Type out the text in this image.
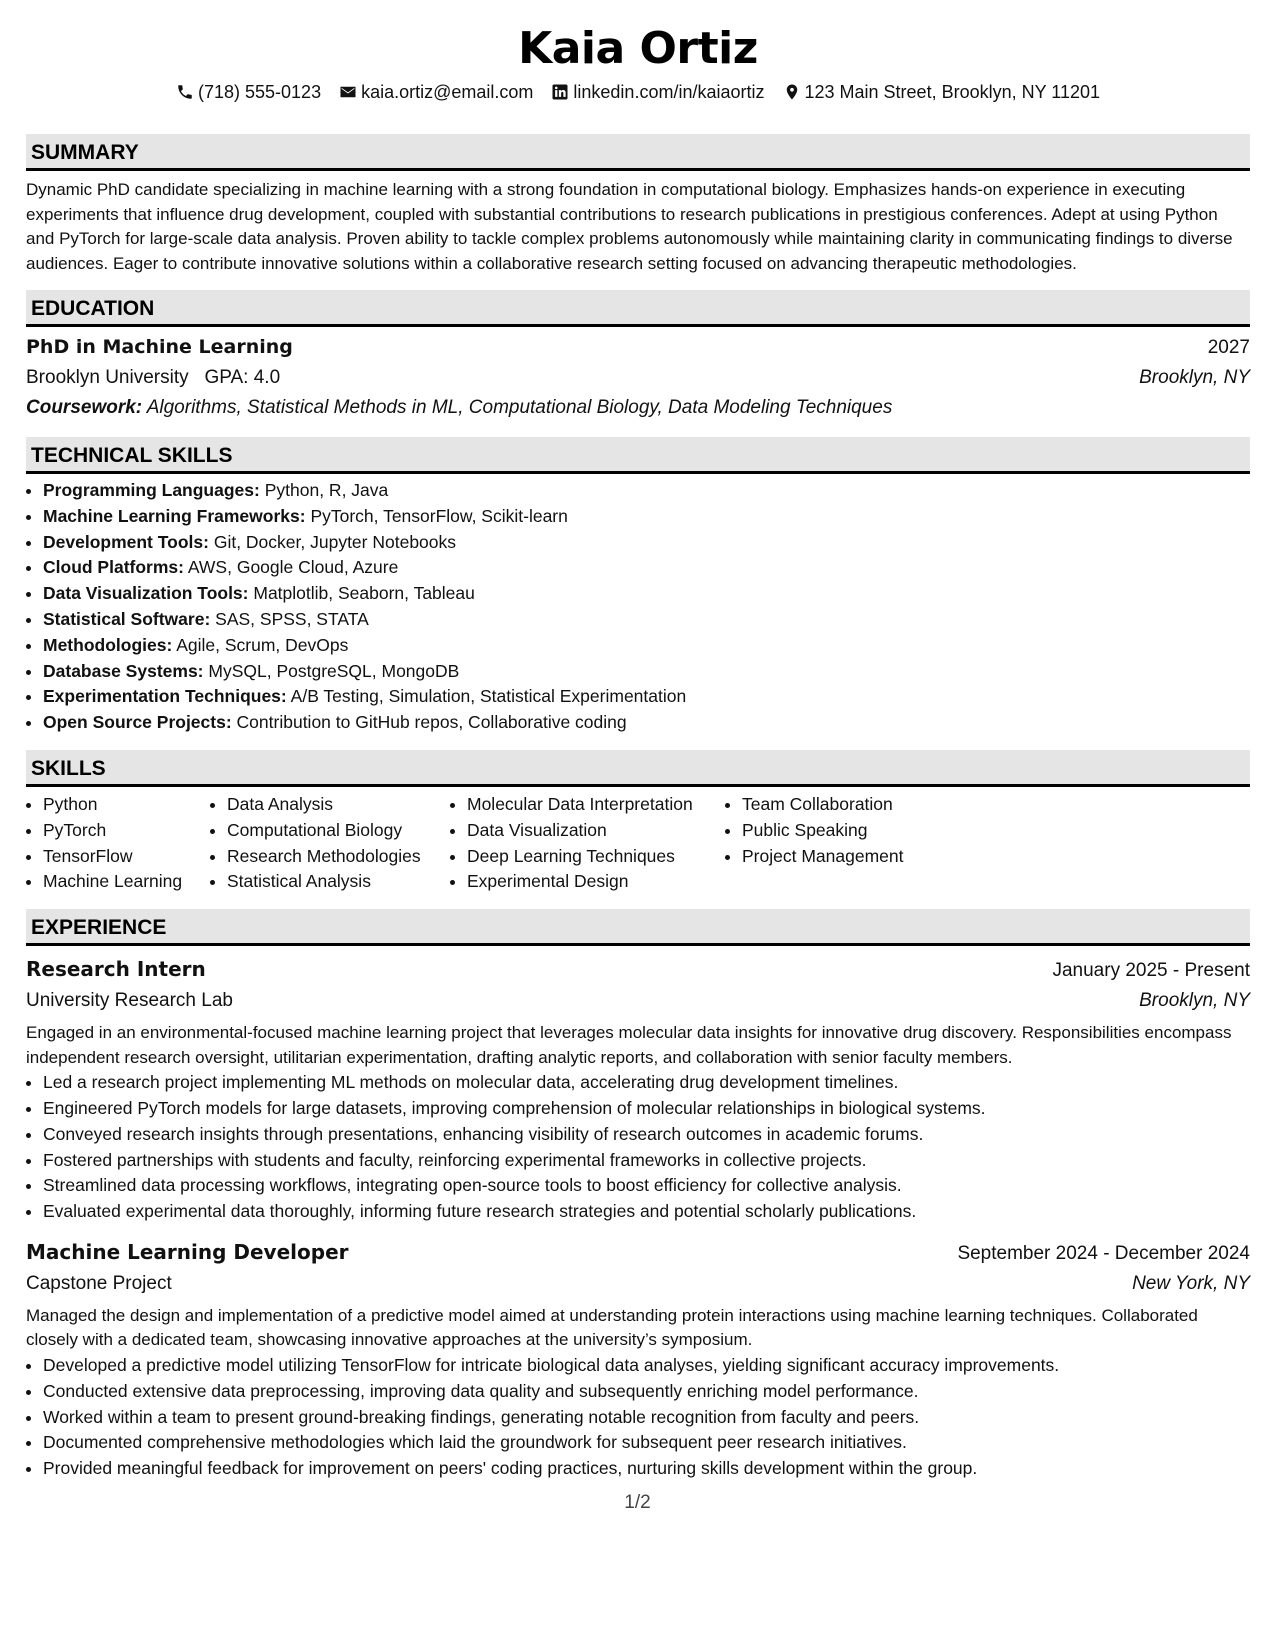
Kaia Ortiz
(718) 555-0123 kaia.ortiz@email.com linkedin.com/in/kaiaortiz 123 Main Street, Brooklyn, NY 11201
SUMMARY
Dynamic PhD candidate specializing in machine learning with a strong foundation in computational biology. Emphasizes hands-on experience in executing experiments that influence drug development, coupled with substantial contributions to research publications in prestigious conferences. Adept at using Python and PyTorch for large-scale data analysis. Proven ability to tackle complex problems autonomously while maintaining clarity in communicating findings to diverse audiences. Eager to contribute innovative solutions within a collaborative research setting focused on advancing therapeutic methodologies.
EDUCATION
PhD in Machine Learning	2027
Brooklyn University GPA: 4.0	Brooklyn, NY
Coursework: Algorithms, Statistical Methods in ML, Computational Biology, Data Modeling Techniques
TECHNICAL SKILLS
• Programming Languages: Python, R, Java
• Machine Learning Frameworks: PyTorch, TensorFlow, Scikit-learn
• Development Tools: Git, Docker, Jupyter Notebooks
• Cloud Platforms: AWS, Google Cloud, Azure
• Data Visualization Tools: Matplotlib, Seaborn, Tableau
• Statistical Software: SAS, SPSS, STATA
• Methodologies: Agile, Scrum, DevOps
• Database Systems: MySQL, PostgreSQL, MongoDB
• Experimentation Techniques: A/B Testing, Simulation, Statistical Experimentation
• Open Source Projects: Contribution to GitHub repos, Collaborative coding
SKILLS
• Python
• PyTorch
• TensorFlow
• Machine Learning
• Data Analysis
• Computational Biology
• Research Methodologies
• Statistical Analysis
• Molecular Data Interpretation
• Data Visualization
• Deep Learning Techniques
• Experimental Design
• Team Collaboration
• Public Speaking
• Project Management
EXPERIENCE
Research Intern	January 2025 - Present
University Research Lab	Brooklyn, NY
Engaged in an environmental-focused machine learning project that leverages molecular data insights for innovative drug discovery. Responsibilities encompass independent research oversight, utilitarian experimentation, drafting analytic reports, and collaboration with senior faculty members.
• Led a research project implementing ML methods on molecular data, accelerating drug development timelines.
• Engineered PyTorch models for large datasets, improving comprehension of molecular relationships in biological systems.
• Conveyed research insights through presentations, enhancing visibility of research outcomes in academic forums.
• Fostered partnerships with students and faculty, reinforcing experimental frameworks in collective projects.
• Streamlined data processing workflows, integrating open-source tools to boost efficiency for collective analysis.
• Evaluated experimental data thoroughly, informing future research strategies and potential scholarly publications.
Machine Learning Developer	September 2024 - December 2024
Capstone Project	New York, NY
Managed the design and implementation of a predictive model aimed at understanding protein interactions using machine learning techniques. Collaborated closely with a dedicated team, showcasing innovative approaches at the university’s symposium.
• Developed a predictive model utilizing TensorFlow for intricate biological data analyses, yielding significant accuracy improvements.
• Conducted extensive data preprocessing, improving data quality and subsequently enriching model performance.
• Worked within a team to present ground-breaking findings, generating notable recognition from faculty and peers.
• Documented comprehensive methodologies which laid the groundwork for subsequent peer research initiatives.
• Provided meaningful feedback for improvement on peers' coding practices, nurturing skills development within the group.
1/2
